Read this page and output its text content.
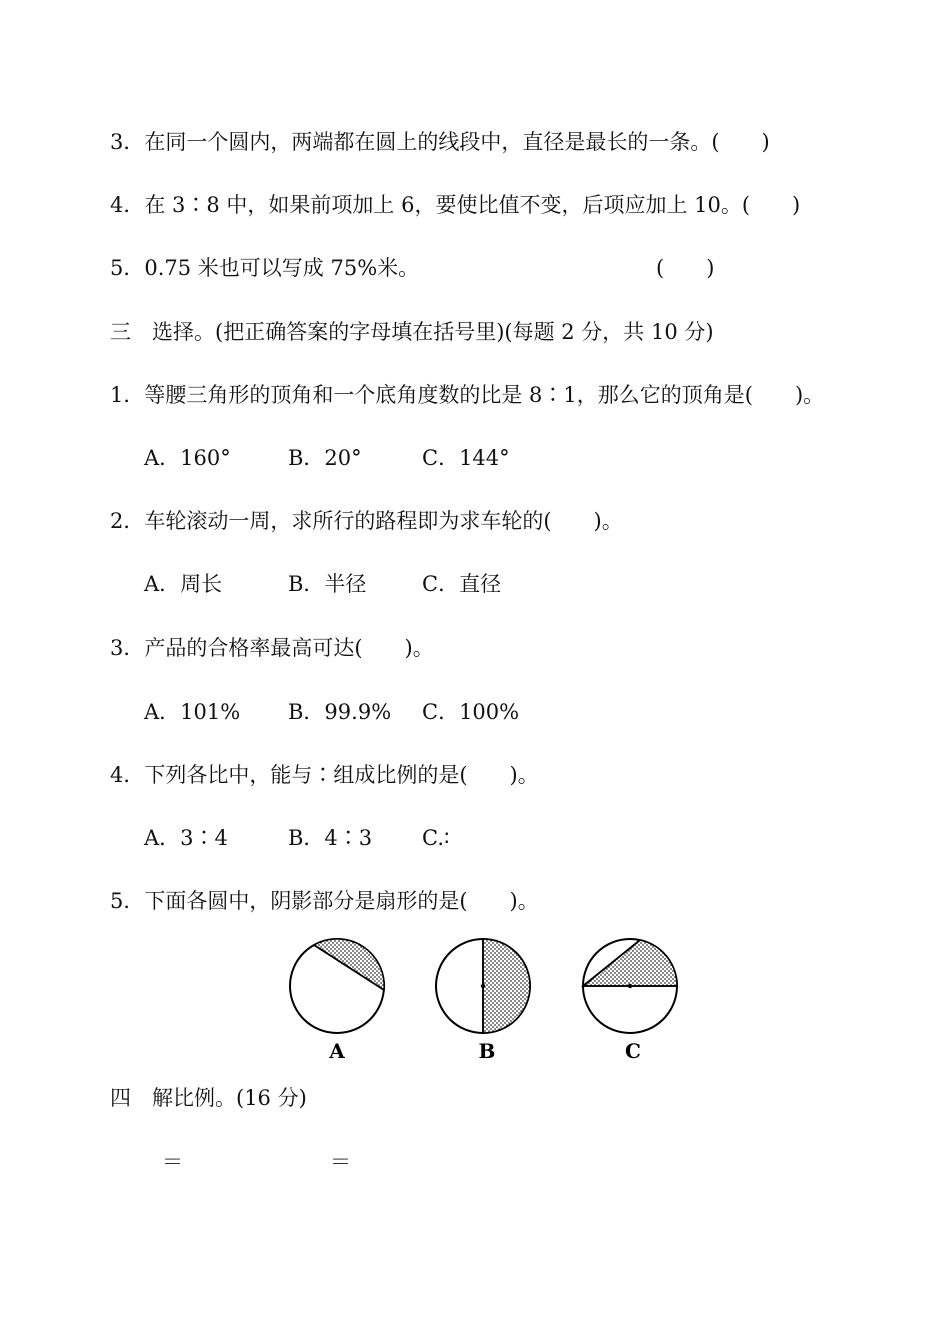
3．在同一个圆内，两端都在圆上的线段中，直径是最长的一条。(　　)
4．在 3∶8 中，如果前项加上 6，要使比值不变，后项应加上 10。(　　)
5．0.75 米也可以写成 75%米。	(　　)
三　选择。(把正确答案的字母填在括号里)(每题 2 分，共 10 分)
1．等腰三角形的顶角和一个底角度数的比是 8∶1，那么它的顶角是(　　)。
A．160°	B．20°	C．144°
2．车轮滚动一周，求所行的路程即为求车轮的(　　)。
A．周长	B．半径	C．直径
3．产品的合格率最高可达(　　)。
A．101% B．99.9% C．100%
4．下列各比中，能与∶组成比例的是(　　)。
A．3∶4	B．4∶3 C.∶
5．下面各圆中，阴影部分是扇形的是(　　)。
A	B	C
四　解比例。(16 分)
＝	＝
